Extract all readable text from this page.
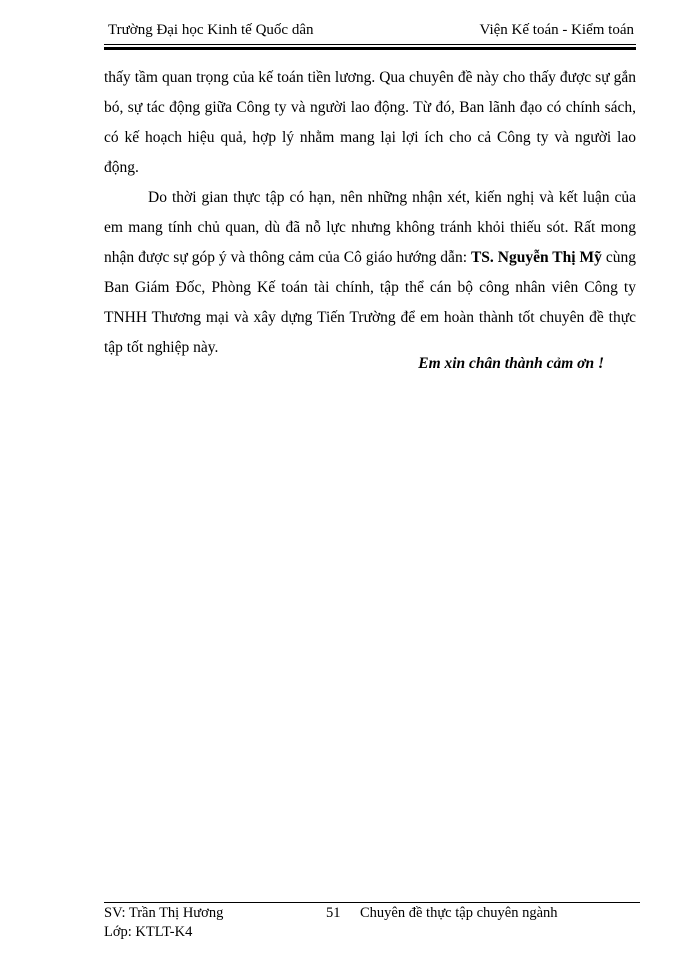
Trường Đại học Kinh tế Quốc dân	Viện Kế toán - Kiểm toán

thấy tầm quan trọng của kế toán tiền lương. Qua chuyên đề này cho thấy được sự gắn bó, sự tác động giữa Công ty và người lao động. Từ đó, Ban lãnh đạo có chính sách, có kế hoạch hiệu quả, hợp lý nhằm mang lại lợi ích cho cả Công ty và người lao động.

Do thời gian thực tập có hạn, nên những nhận xét, kiến nghị và kết luận của em mang tính chủ quan, dù đã nỗ lực nhưng không tránh khỏi thiếu sót. Rất mong nhận được sự góp ý và thông cảm của Cô giáo hướng dẫn: TS. Nguyễn Thị Mỹ cùng Ban Giám Đốc, Phòng Kế toán tài chính, tập thể cán bộ công nhân viên Công ty TNHH Thương mại và xây dựng Tiến Trường để em hoàn thành tốt chuyên đề thực tập tốt nghiệp này.

Em xin chân thành cảm ơn !
SV: Trần Thị Hương
Lớp: KTLT-K4
51 Chuyên đề thực tập chuyên ngành
